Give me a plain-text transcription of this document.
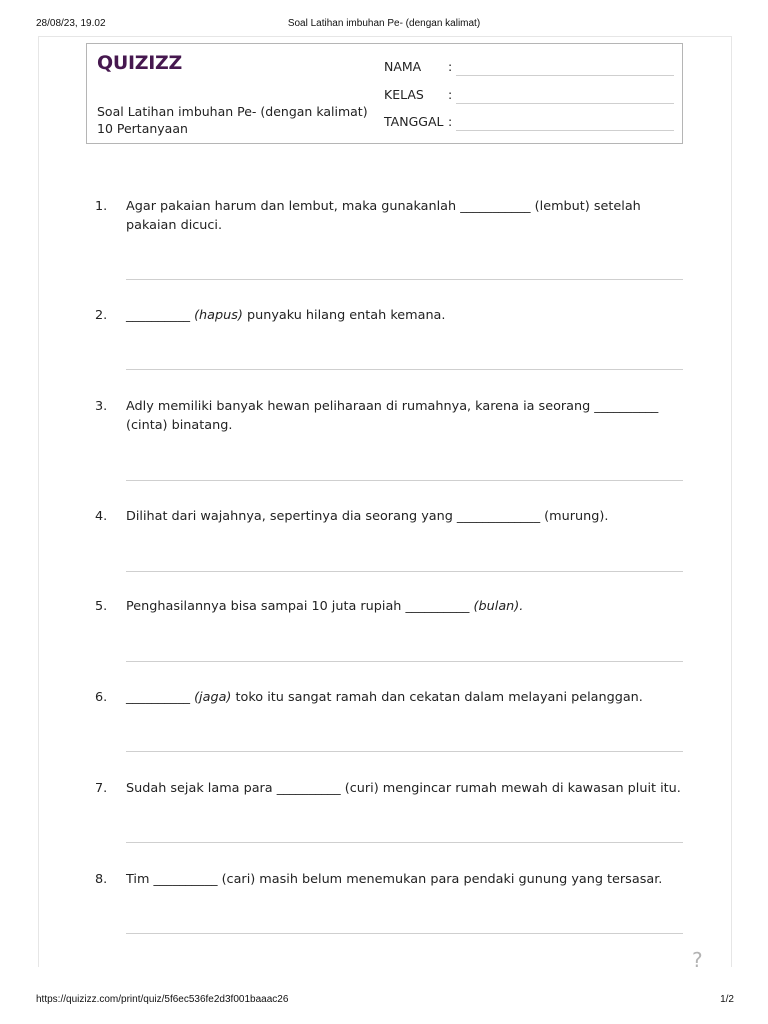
28/08/23, 19.02	Soal Latihan imbuhan Pe- (dengan kalimat)
QUIZIZZ
Soal Latihan imbuhan Pe- (dengan kalimat)
10 Pertanyaan
NAMA :
KELAS :
TANGGAL :
1. Agar pakaian harum dan lembut, maka gunakanlah ___________ (lembut) setelah pakaian dicuci.
2. __________ (hapus) punyaku hilang entah kemana.
3. Adly memiliki banyak hewan peliharaan di rumahnya, karena ia seorang __________ (cinta) binatang.
4. Dilihat dari wajahnya, sepertinya dia seorang yang _____________ (murung).
5. Penghasilannya bisa sampai 10 juta rupiah __________ (bulan).
6. __________ (jaga) toko itu sangat ramah dan cekatan dalam melayani pelanggan.
7. Sudah sejak lama para __________ (curi) mengincar rumah mewah di kawasan pluit itu.
8. Tim __________ (cari) masih belum menemukan para pendaki gunung yang tersasar.
?
https://quizizz.com/print/quiz/5f6ec536fe2d3f001baaac26	1/2
